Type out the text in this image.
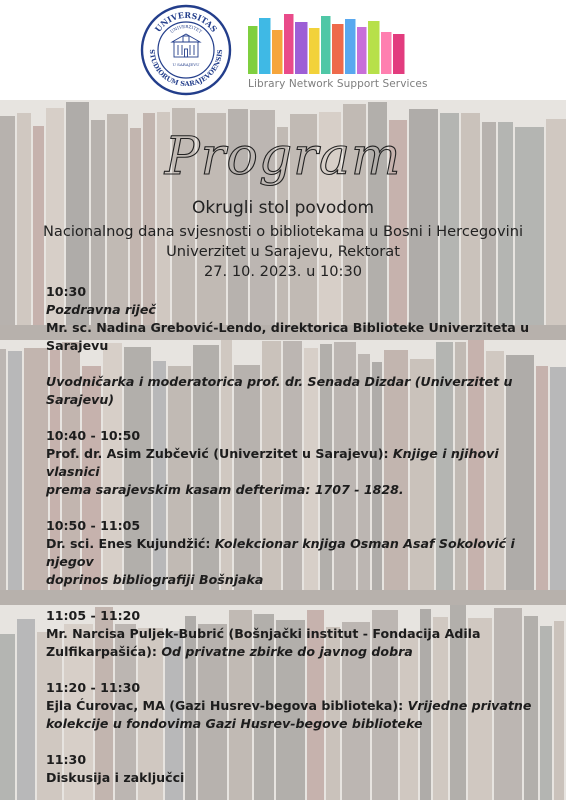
UNIVERSITAS
STUDIORUM SARAJEVOENSIS
UNIVERZITET
U SARAJEVU
Library Network Support Services
Program
Okrugli stol povodom
Nacionalnog dana svjesnosti o bibliotekama u Bosni i Hercegovini
Univerzitet u Sarajevu, Rektorat
27. 10. 2023. u 10:30
10:30
Pozdravna riječ
Mr. sc. Nadina Grebović-Lendo, direktorica Biblioteke Univerziteta u
Sarajevu
Uvodničarka i moderatorica prof. dr. Senada Dizdar (Univerzitet u
Sarajevu)
10:40 - 10:50
Prof. dr. Asim Zubčević (Univerzitet u Sarajevu): Knjige i njihovi vlasnici
prema sarajevskim kasam defterima: 1707 - 1828.
10:50 - 11:05
Dr. sci. Enes Kujundžić: Kolekcionar knjiga Osman Asaf Sokolović i njegov
doprinos bibliografiji Bošnjaka
11:05 - 11:20
Mr. Narcisa Puljek-Bubrić (Bošnjački institut - Fondacija Adila
Zulfikarpašića): Od privatne zbirke do javnog dobra
11:20 - 11:30
Ejla Ćurovac, MA (Gazi Husrev-begova biblioteka): Vrijedne privatne
kolekcije u fondovima Gazi Husrev-begove biblioteke
11:30
Diskusija i zaključci
